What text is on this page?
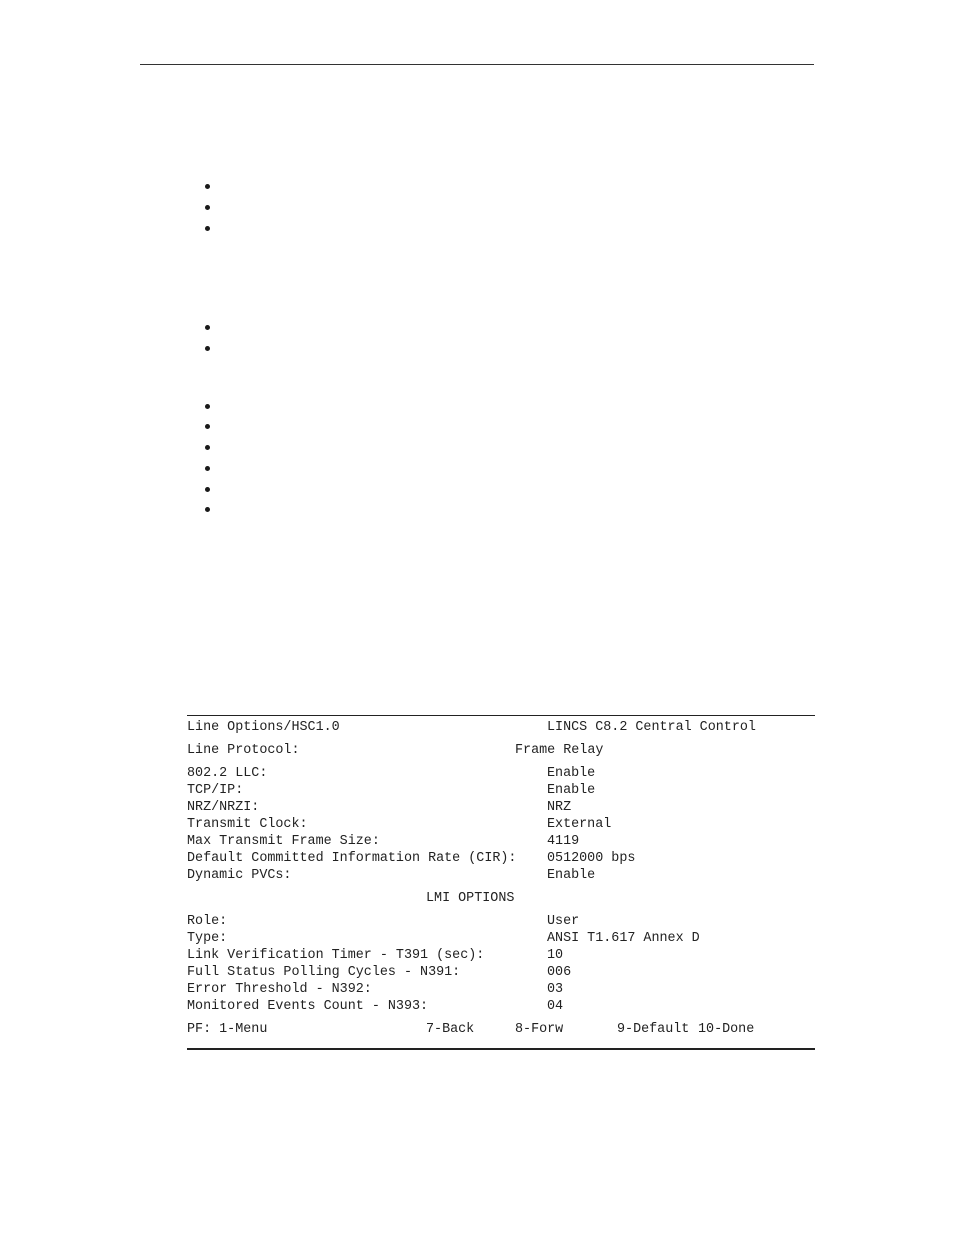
Line Options/HSC1.0	LINCS C8.2 Central Control
Line Protocol:	Frame Relay
802.2 LLC:	Enable
TCP/IP:	Enable
NRZ/NRZI:	NRZ
Transmit Clock:	External
Max Transmit Frame Size:	4119
Default Committed Information Rate (CIR): 0512000 bps
Dynamic PVCs:	Enable
LMI OPTIONS
Role:	User
Type:	ANSI T1.617 Annex D
Link Verification Timer - T391 (sec):	10
Full Status Polling Cycles - N391:	006
Error Threshold - N392:	03
Monitored Events Count - N393:	04
PF: 1-Menu	7-Back	8-Forw	9-Default 10-Done
